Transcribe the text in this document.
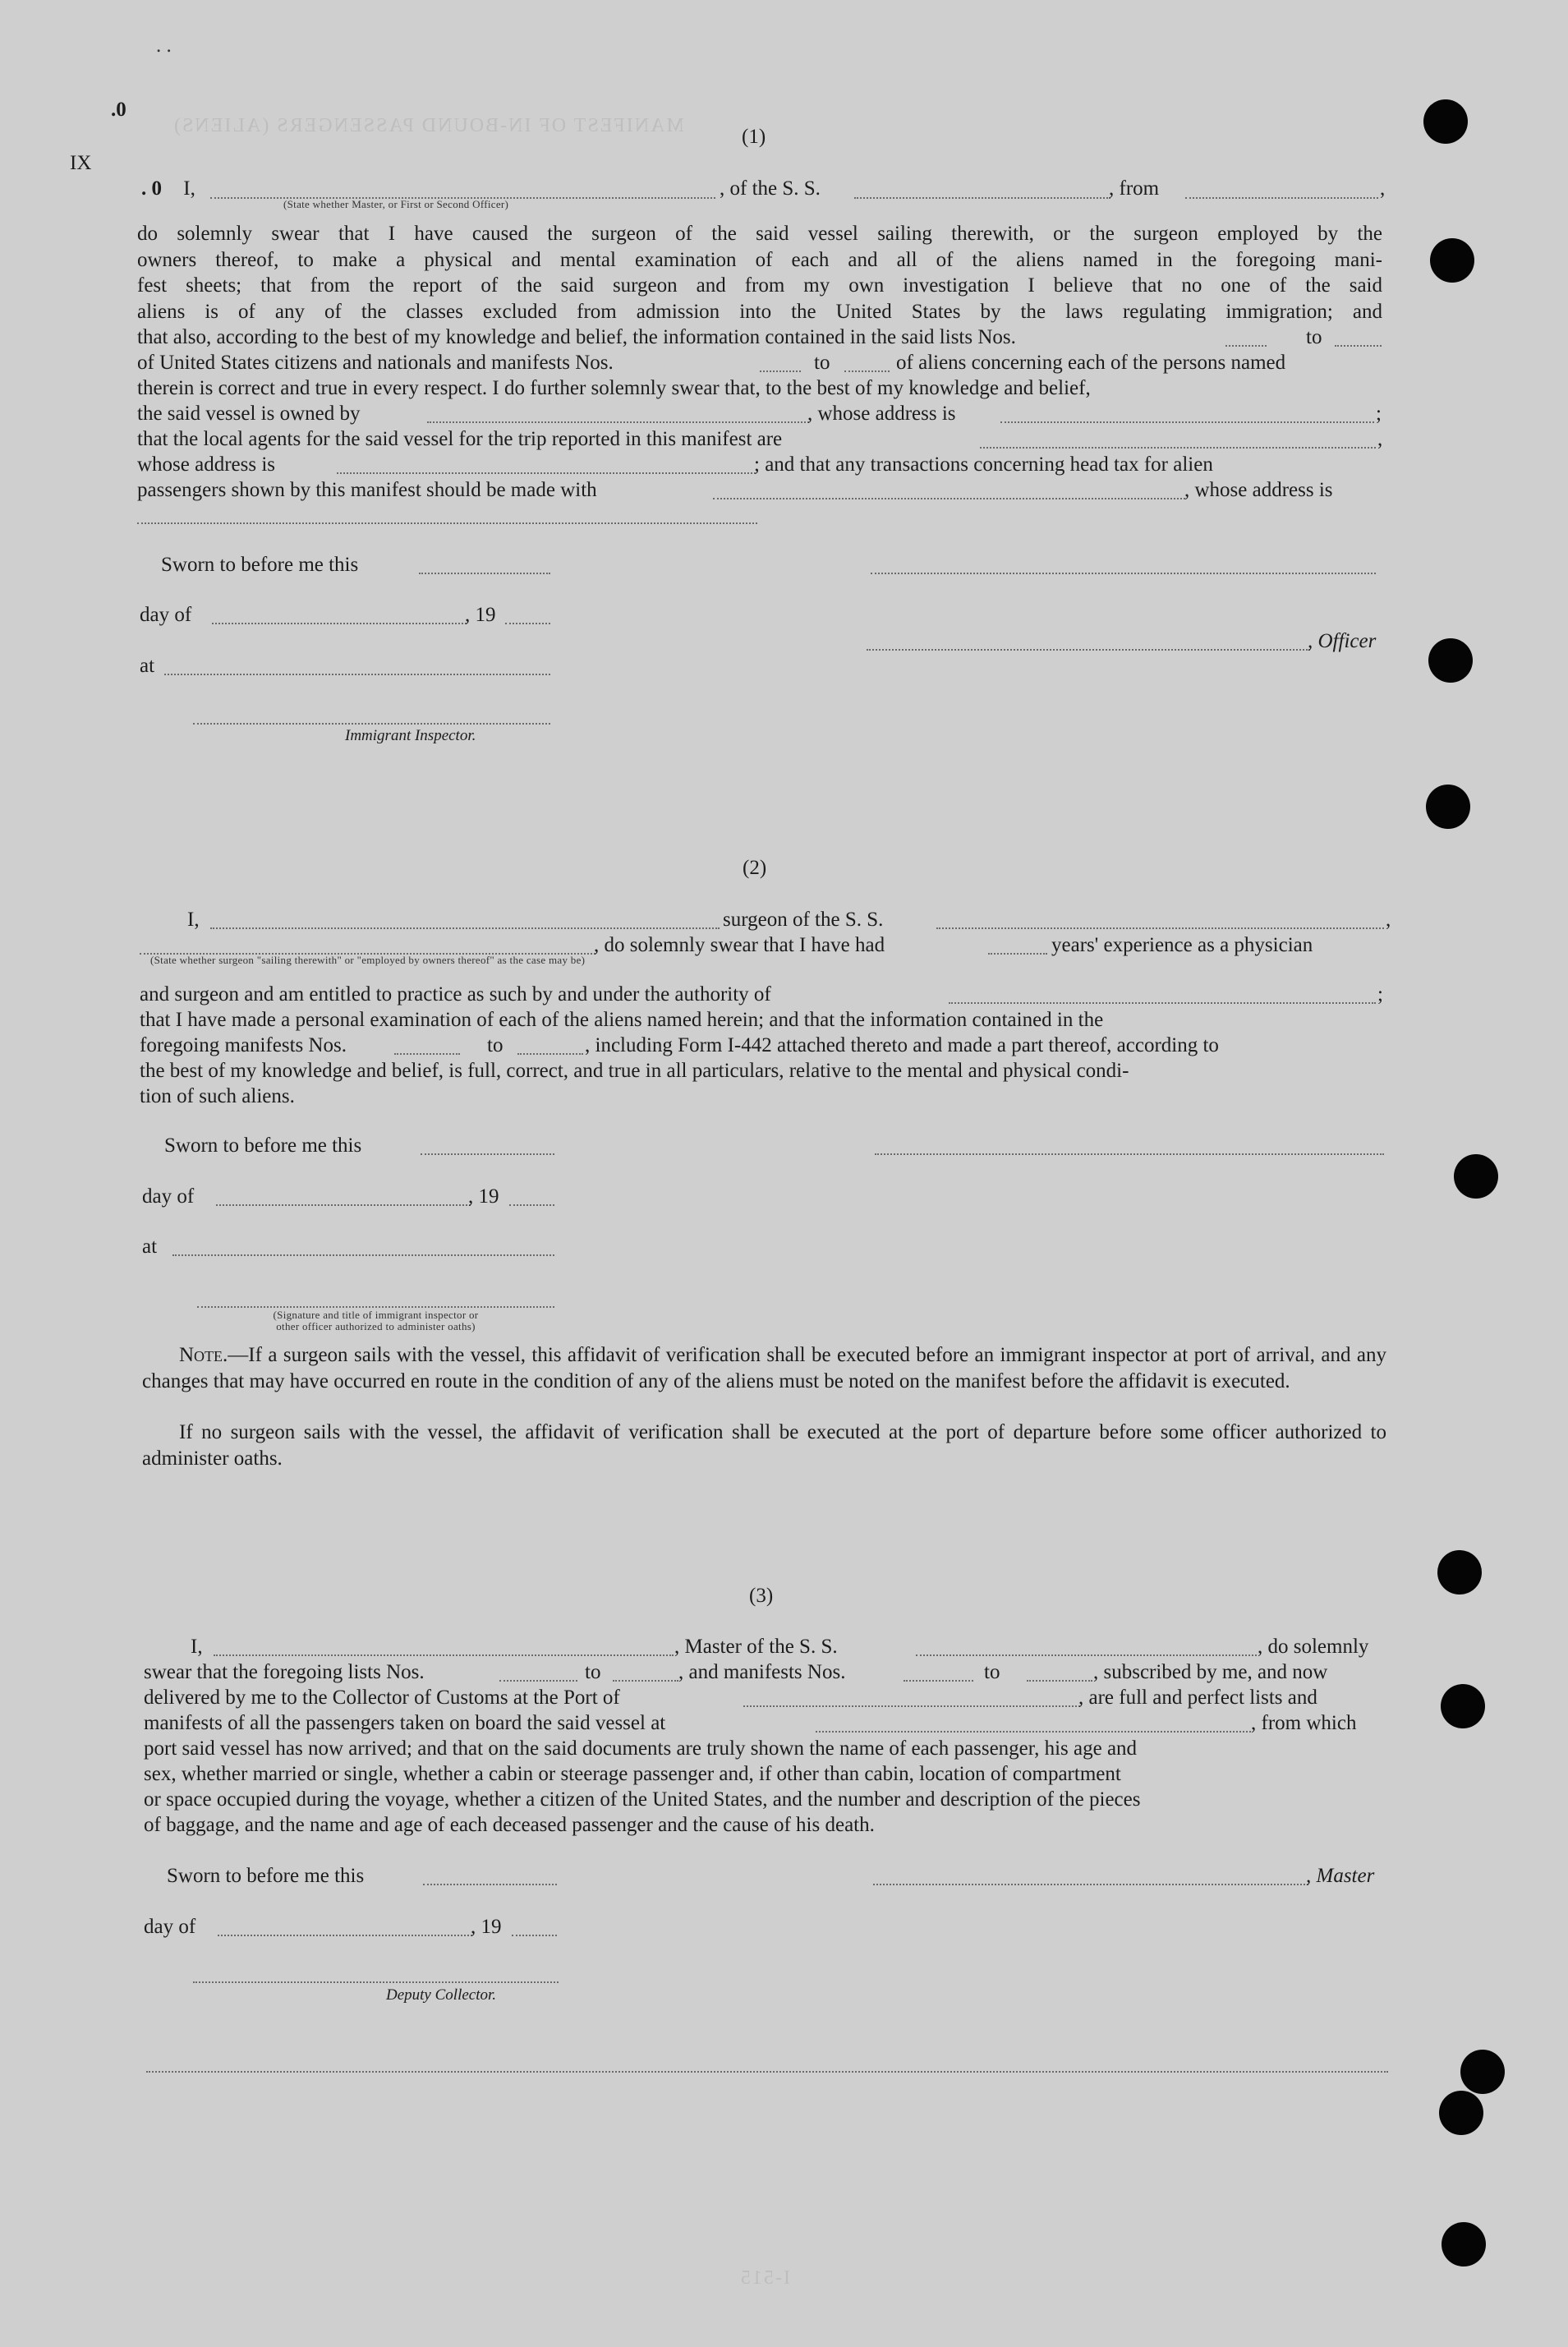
MANIFEST OF IN-BOUND PASSENGERS (ALIENS)
I-515
. .
.0
IX
(1)
. 0 I,
(State whether Master, or First or Second Officer)
, of the S. S.	, from	,
do solemnly swear that I have caused the surgeon of the said vessel sailing therewith, or the surgeon employed by the
owners thereof, to make a physical and mental examination of each and all of the aliens named in the foregoing mani-
fest sheets; that from the report of the said surgeon and from my own investigation I believe that no one of the said
aliens is of any of the classes excluded from admission into the United States by the laws regulating immigration; and
that also, according to the best of my knowledge and belief, the information contained in the said lists Nos.	to
of United States citizens and nationals and manifests Nos.	to	of aliens concerning each of the persons named
therein is correct and true in every respect. I do further solemnly swear that, to the best of my knowledge and belief,
the said vessel is owned by	, whose address is	;
that the local agents for the said vessel for the trip reported in this manifest are	,
whose address is	; and that any transactions concerning head tax for alien
passengers shown by this manifest should be made with	, whose address is
Sworn to before me this
day of	, 19
, Officer
at
Immigrant Inspector.
(2)
I,	surgeon of the S. S.	,
, do solemnly swear that I have had	years' experience as a physician
(State whether surgeon "sailing therewith" or "employed by owners thereof" as the case may be)
and surgeon and am entitled to practice as such by and under the authority of	;
that I have made a personal examination of each of the aliens named herein; and that the information contained in the
foregoing manifests Nos.	to	, including Form I-442 attached thereto and made a part thereof, according to
the best of my knowledge and belief, is full, correct, and true in all particulars, relative to the mental and physical condi-
tion of such aliens.
Sworn to before me this
day of	, 19
at
(Signature and title of immigrant inspector or
other officer authorized to administer oaths)
Note.—If a surgeon sails with the vessel, this affidavit of verification shall be executed before an immigrant inspector at port of arrival, and any changes that may have occurred en route in the condition of any of the aliens must be noted on the manifest before the affidavit is executed.
If no surgeon sails with the vessel, the affidavit of verification shall be executed at the port of departure before some officer authorized to administer oaths.
(3)
I,	, Master of the S. S.	, do solemnly
swear that the foregoing lists Nos.	to	, and manifests Nos.	to	, subscribed by me, and now
delivered by me to the Collector of Customs at the Port of	, are full and perfect lists and
manifests of all the passengers taken on board the said vessel at	, from which
port said vessel has now arrived; and that on the said documents are truly shown the name of each passenger, his age and
sex, whether married or single, whether a cabin or steerage passenger and, if other than cabin, location of compartment
or space occupied during the voyage, whether a citizen of the United States, and the number and description of the pieces
of baggage, and the name and age of each deceased passenger and the cause of his death.
Sworn to before me this	, Master
day of	, 19
Deputy Collector.
